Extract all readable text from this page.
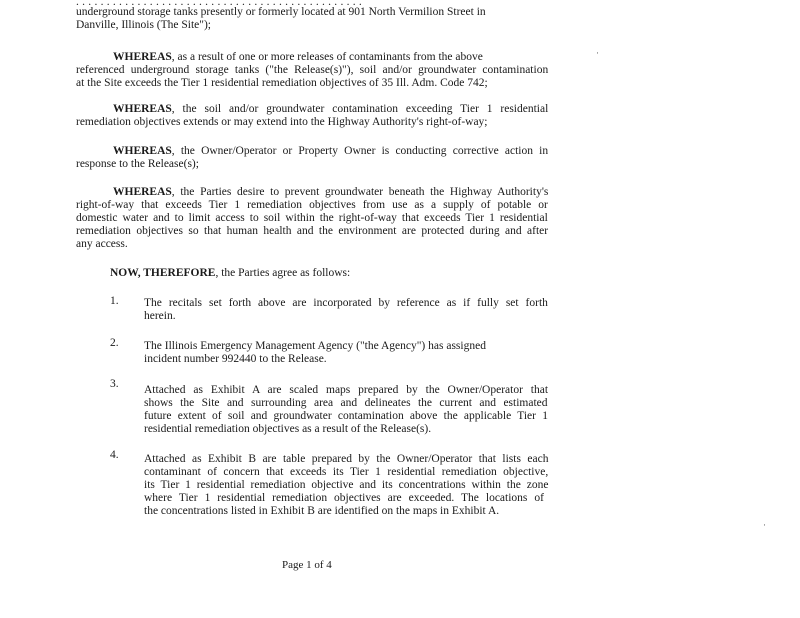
. . . . . . . . . . . . . . . . . . . . . . . . . . . . . . . . . . . . . . . . . . . . . . .
underground storage tanks presently or formerly located at 901 North Vermilion Street in
Danville, Illinois (The Site");
WHEREAS, as a result of one or more releases of contaminants from the above
referenced underground storage tanks ("the Release(s)"), soil and/or groundwater contamination
at the Site exceeds the Tier 1 residential remediation objectives of 35 Ill. Adm. Code 742;
WHEREAS, the soil and/or groundwater contamination exceeding Tier 1 residential
remediation objectives extends or may extend into the Highway Authority's right-of-way;
WHEREAS, the Owner/Operator or Property Owner is conducting corrective action in
response to the Release(s);
WHEREAS, the Parties desire to prevent groundwater beneath the Highway Authority's
right-of-way that exceeds Tier 1 remediation objectives from use as a supply of potable or
domestic water and to limit access to soil within the right-of-way that exceeds Tier 1 residential
remediation objectives so that human health and the environment are protected during and after
any access.
NOW, THEREFORE, the Parties agree as follows:
1. The recitals set forth above are incorporated by reference as if fully set forth
herein.
2. The Illinois Emergency Management Agency ("the Agency") has assigned
incident number 992440 to the Release.
3. Attached as Exhibit A are scaled maps prepared by the Owner/Operator that
shows the Site and surrounding area and delineates the current and estimated
future extent of soil and groundwater contamination above the applicable Tier 1
residential remediation objectives as a result of the Release(s).
4. Attached as Exhibit B are table prepared by the Owner/Operator that lists each
contaminant of concern that exceeds its Tier 1 residential remediation objective,
its Tier 1 residential remediation objective and its concentrations within the zone
where Tier 1 residential remediation objectives are exceeded. The locations of
the concentrations listed in Exhibit B are identified on the maps in Exhibit A.
Page 1 of 4
·
·
